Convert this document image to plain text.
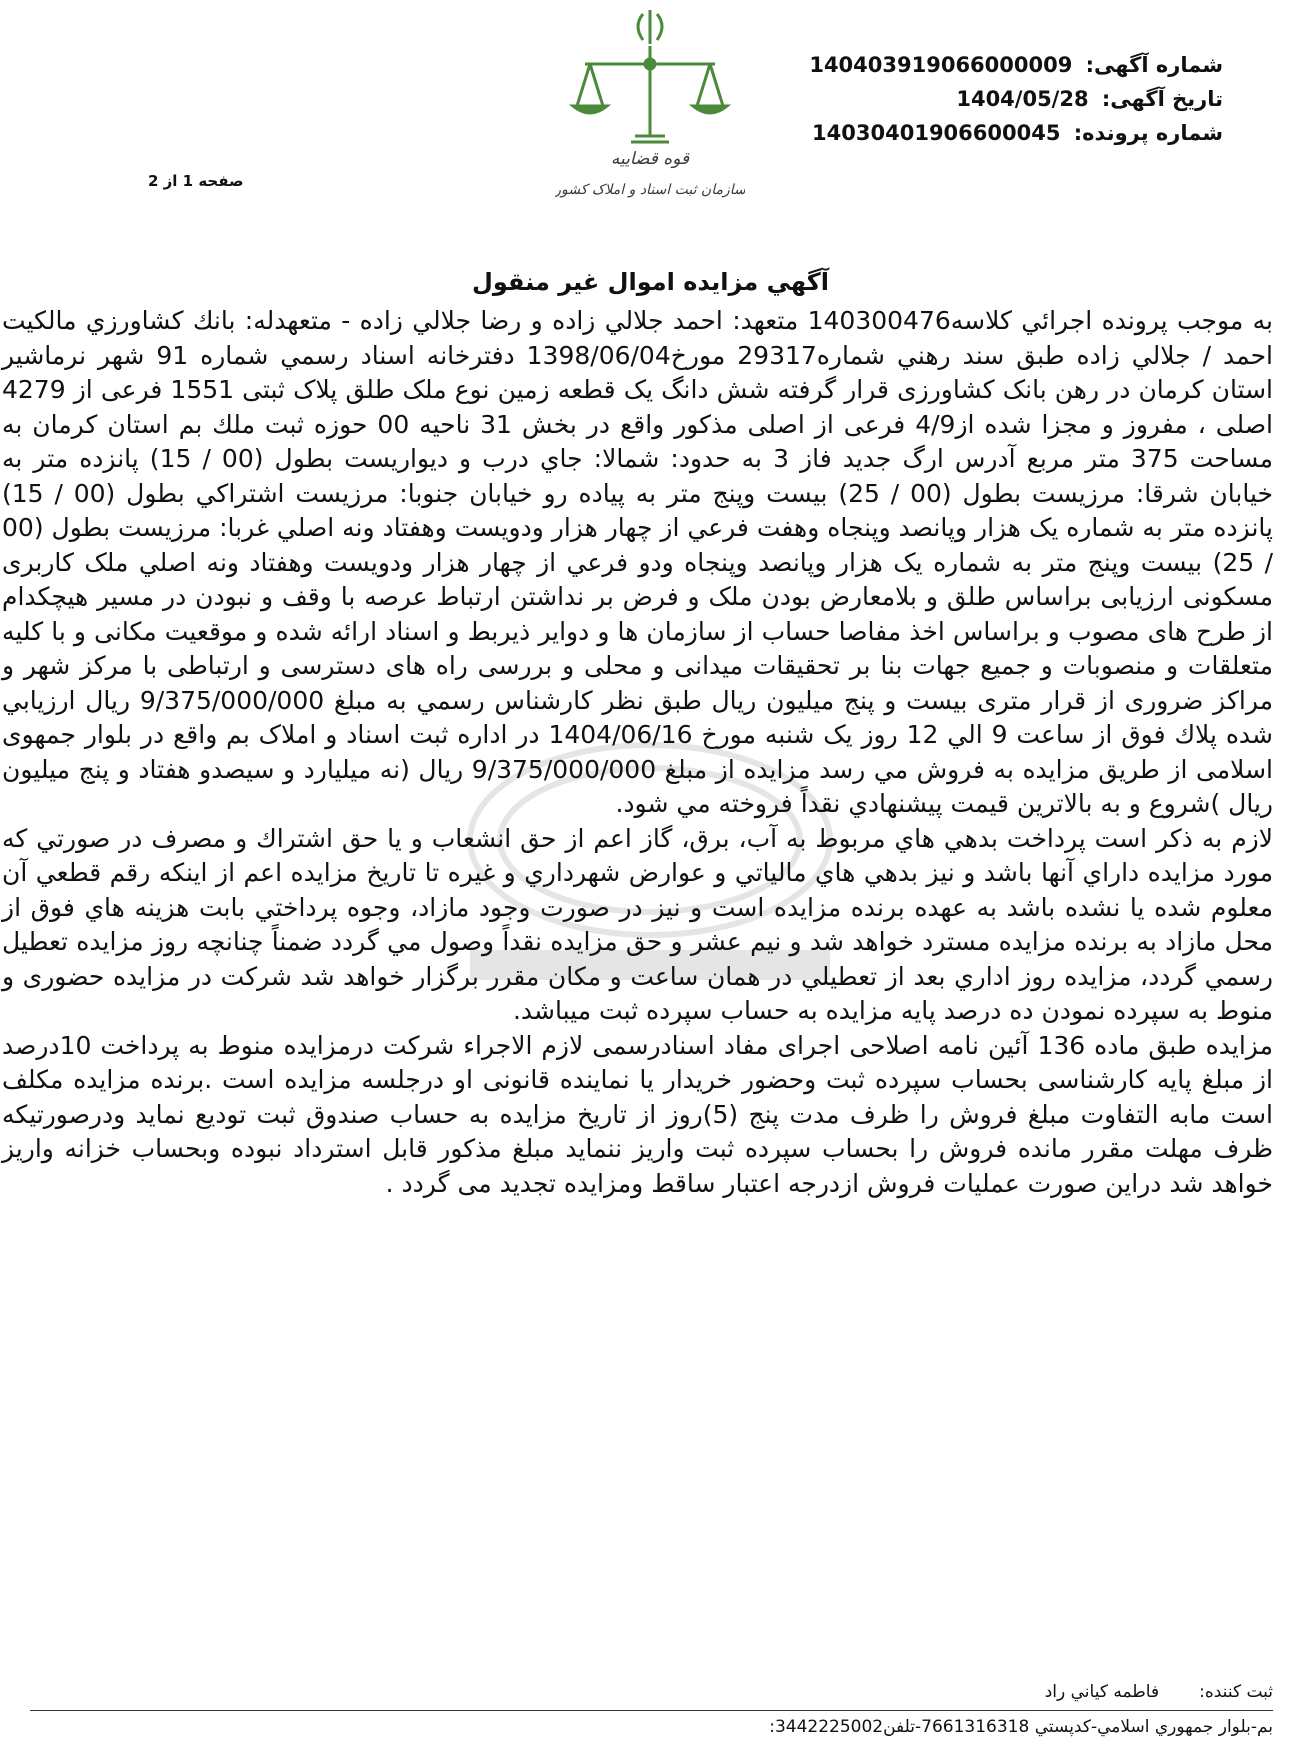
شماره آگهی: 140403919066000009
تاریخ آگهی: 1404/05/28
شماره پرونده: 14030401906600045
قوه قضاییه
سازمان ثبت اسناد و املاک کشور
صفحه 1 از 2
آگهي مزايده اموال غير منقول

به موجب پرونده اجرائي كلاسه140300476 متعهد: احمد جلالي زاده و رضا جلالي زاده - متعهدله: بانك كشاورزي مالكيت احمد / جلالي زاده طبق سند رهني شماره29317 مورخ1398/06/04 دفترخانه اسناد رسمي شماره 91 شهر نرماشير استان كرمان در رهن بانک کشاورزی قرار گرفته شش دانگ یک قطعه زمين نوع ملک طلق پلاک ثبتی 1551 فرعی از 4279 اصلی ، مفروز و مجزا شده از4/9 فرعی از اصلی مذكور واقع در بخش 31 ناحيه 00 حوزه ثبت ملك بم استان كرمان به مساحت 375 متر مربع آدرس ارگ جديد فاز 3 به حدود: شمالا: جاي درب و ديواريست بطول (00 / 15) پانزده متر به خيابان شرقا: مرزيست بطول (00 / 25) بيست وپنج متر به پياده رو خيابان جنوبا: مرزيست اشتراكي بطول (00 / 15) پانزده متر به شماره يک هزار وپانصد وپنجاه وهفت فرعي از چهار هزار ودويست وهفتاد ونه اصلي غربا: مرزيست بطول (00 / 25) بيست وپنج متر به شماره يک هزار وپانصد وپنجاه ودو فرعي از چهار هزار ودويست وهفتاد ونه اصلي ملک کاربری مسکونی ارزیابی براساس طلق و بلامعارض بودن ملک و فرض بر نداشتن ارتباط عرصه با وقف و نبودن در مسیر هیچکدام از طرح های مصوب و براساس اخذ مفاصا حساب از سازمان ها و دوایر ذیربط و اسناد ارائه شده و موقعیت مکانی و با کلیه متعلقات و منصوبات و جمیع جهات بنا بر تحقیقات میدانی و محلی و بررسی راه های دسترسی و ارتباطی با مرکز شهر و مراکز ضروری از قرار متری بیست و پنج میلیون ریال طبق نظر كارشناس رسمي به مبلغ 9/375/000/000 ريال ارزيابي شده پلاك فوق از ساعت 9 الي 12 روز يک شنبه مورخ 1404/06/16 در اداره ثبت اسناد و املاک بم واقع در بلوار جمهوی اسلامی از طريق مزايده به فروش مي رسد مزايده از مبلغ 9/375/000/000 ريال (نه ميليارد و سيصدو هفتاد و پنج ميليون ريال )شروع و به بالاترين قيمت پيشنهادي نقداً فروخته مي شود.

لازم به ذكر است پرداخت بدهي هاي مربوط به آب، برق، گاز اعم از حق انشعاب و يا حق اشتراك و مصرف در صورتي كه مورد مزايده داراي آنها باشد و نيز بدهي هاي مالياتي و عوارض شهرداري و غيره تا تاريخ مزايده اعم از اينكه رقم قطعي آن معلوم شده يا نشده باشد به عهده برنده مزايده است و نيز در صورت وجود مازاد، وجوه پرداختي بابت هزينه هاي فوق از محل مازاد به برنده مزايده مسترد خواهد شد و نيم عشر و حق مزايده نقداً وصول مي گردد ضمناً چنانچه روز مزايده تعطيل رسمي گردد، مزايده روز اداري بعد از تعطيلي در همان ساعت و مكان مقرر برگزار خواهد شد شرکت در مزایده حضوری و منوط به سپرده نمودن ده درصد پایه مزایده به حساب سپرده ثبت میباشد.

مزایده طبق ماده 136 آئین نامه اصلاحی اجرای مفاد اسنادرسمی لازم الاجراء شرکت درمزایده منوط به پرداخت 10درصد از مبلغ پایه کارشناسی بحساب سپرده ثبت وحضور خریدار یا نماینده قانونی او درجلسه مزایده است .برنده مزایده مکلف است مابه التفاوت مبلغ فروش را ظرف مدت پنج (5)روز از تاریخ مزایده به حساب صندوق ثبت تودیع نماید ودرصورتیکه ظرف مهلت مقرر مانده فروش را بحساب سپرده ثبت واریز ننماید مبلغ مذکور قابل استرداد نبوده وبحساب خزانه واریز خواهد شد دراین صورت عملیات فروش ازدرجه اعتبار ساقط ومزایده تجدید می گردد .

ثبت كننده:
فاطمه كياني راد
بم-بلوار جمهوري اسلامي-كدپستي 7661316318-تلفن3442225002:
